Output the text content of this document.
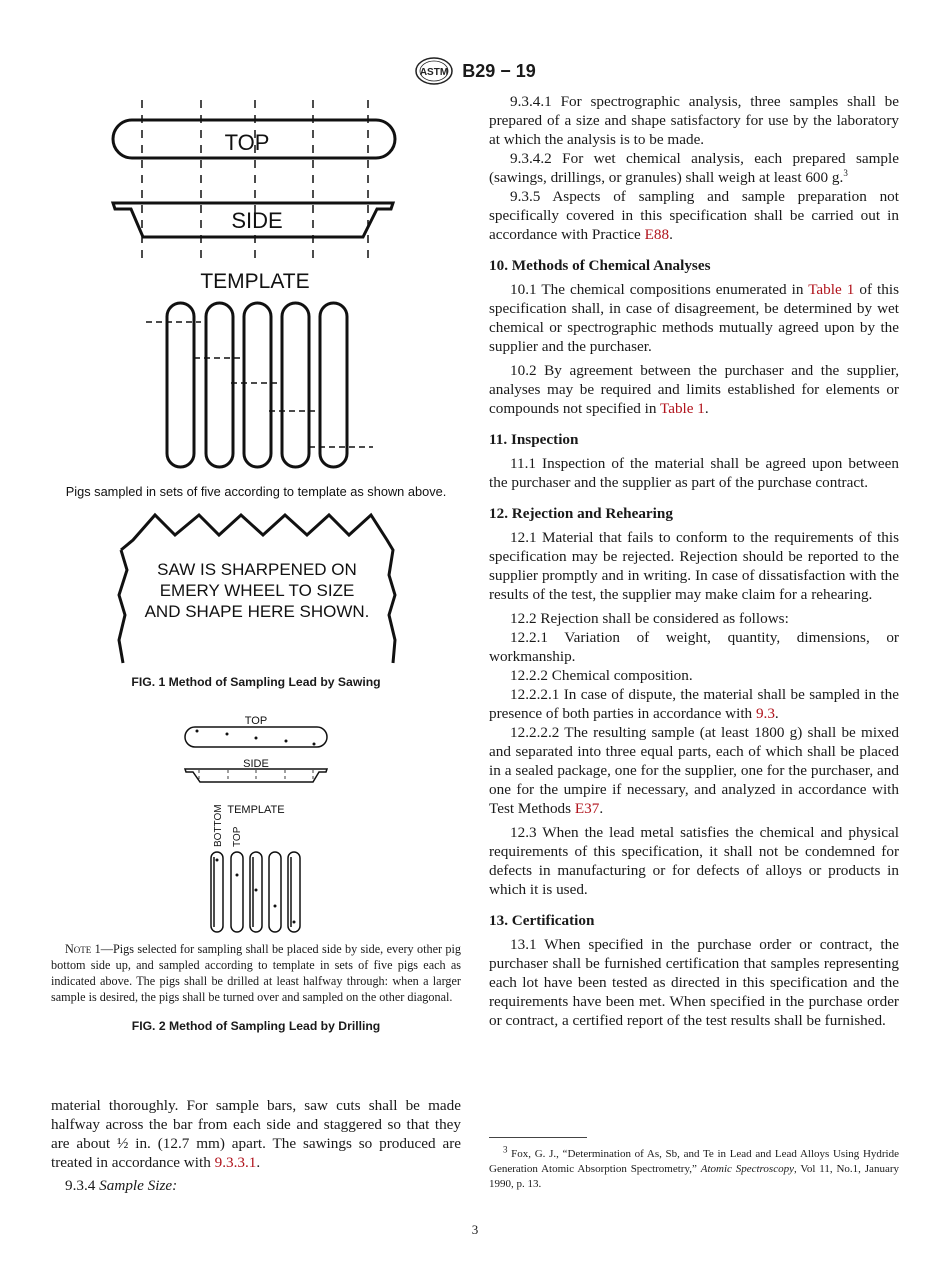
ASTM B29 − 19
TOP
SIDE
TEMPLATE
Pigs sampled in sets of five according to template as shown above.
SAW IS SHARPENED ON
EMERY WHEEL TO SIZE
AND SHAPE HERE SHOWN.
FIG. 1 Method of Sampling Lead by Sawing
TOP
SIDE
TEMPLATE
BOTTOM TOP
Note 1—Pigs selected for sampling shall be placed side by side, every other pig bottom side up, and sampled according to template in sets of five pigs each as indicated above. The pigs shall be drilled at least halfway through: when a larger sample is desired, the pigs shall be turned over and sampled on the other diagonal.
FIG. 2 Method of Sampling Lead by Drilling

material thoroughly. For sample bars, saw cuts shall be made halfway across the bar from each side and staggered so that they are about ½ in. (12.7 mm) apart. The sawings so produced are treated in accordance with 9.3.3.1.

9.3.4 Sample Size:

9.3.4.1 For spectrographic analysis, three samples shall be prepared of a size and shape satisfactory for use by the laboratory at which the analysis is to be made.

9.3.4.2 For wet chemical analysis, each prepared sample (sawings, drillings, or granules) shall weigh at least 600 g.$^3$

9.3.5 Aspects of sampling and sample preparation not specifically covered in this specification shall be carried out in accordance with Practice E88.

10. Methods of Chemical Analyses

10.1 The chemical compositions enumerated in Table 1 of this specification shall, in case of disagreement, be determined by wet chemical or spectrographic methods mutually agreed upon by the supplier and the purchaser.

10.2 By agreement between the purchaser and the supplier, analyses may be required and limits established for elements or compounds not specified in Table 1.

11. Inspection

11.1 Inspection of the material shall be agreed upon between the purchaser and the supplier as part of the purchase contract.

12. Rejection and Rehearing

12.1 Material that fails to conform to the requirements of this specification may be rejected. Rejection should be reported to the supplier promptly and in writing. In case of dissatisfaction with the results of the test, the supplier may make claim for a rehearing.

12.2 Rejection shall be considered as follows:

12.2.1 Variation of weight, quantity, dimensions, or workmanship.

12.2.2 Chemical composition.

12.2.2.1 In case of dispute, the material shall be sampled in the presence of both parties in accordance with 9.3.

12.2.2.2 The resulting sample (at least 1800 g) shall be mixed and separated into three equal parts, each of which shall be placed in a sealed package, one for the supplier, one for the purchaser, and one for the umpire if necessary, and analyzed in accordance with Test Methods E37.

12.3 When the lead metal satisfies the chemical and physical requirements of this specification, it shall not be condemned for defects in manufacturing or for defects of alloys or products in which it is used.

13. Certification

13.1 When specified in the purchase order or contract, the purchaser shall be furnished certification that samples representing each lot have been tested as directed in this specification and the requirements have been met. When specified in the purchase order or contract, a certified report of the test results shall be furnished.

$^3$ Fox, G. J., “Determination of As, Sb, and Te in Lead and Lead Alloys Using Hydride Generation Atomic Absorption Spectrometry,” Atomic Spectroscopy, Vol 11, No.1, January 1990, p. 13.
3
